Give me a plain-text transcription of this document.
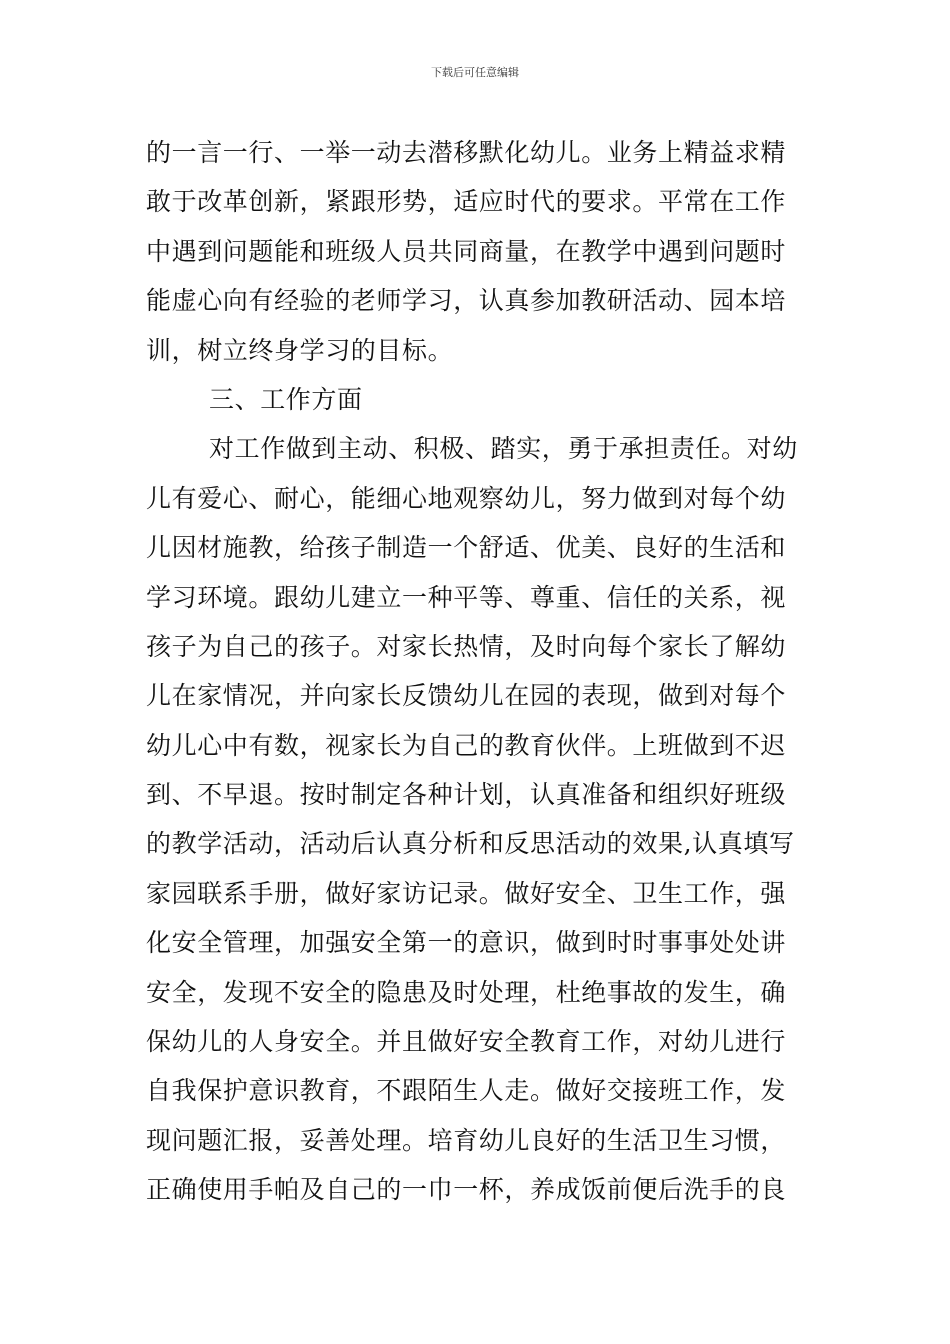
下载后可任意编辑
的一言一行、一举一动去潜移默化幼儿。业务上精益求精
敢于改革创新，紧跟形势，适应时代的要求。平常在工作
中遇到问题能和班级人员共同商量，在教学中遇到问题时
能虚心向有经验的老师学习，认真参加教研活动、园本培
训，树立终身学习的目标。
三、工作方面
对工作做到主动、积极、踏实，勇于承担责任。对幼
儿有爱心、耐心，能细心地观察幼儿，努力做到对每个幼
儿因材施教，给孩子制造一个舒适、优美、良好的生活和
学习环境。跟幼儿建立一种平等、尊重、信任的关系，视
孩子为自己的孩子。对家长热情，及时向每个家长了解幼
儿在家情况，并向家长反馈幼儿在园的表现，做到对每个
幼儿心中有数，视家长为自己的教育伙伴。上班做到不迟
到、不早退。按时制定各种计划，认真准备和组织好班级
的教学活动，活动后认真分析和反思活动的效果,认真填写
家园联系手册，做好家访记录。做好安全、卫生工作，强
化安全管理，加强安全第一的意识，做到时时事事处处讲
安全，发现不安全的隐患及时处理，杜绝事故的发生，确
保幼儿的人身安全。并且做好安全教育工作，对幼儿进行
自我保护意识教育，不跟陌生人走。做好交接班工作，发
现问题汇报，妥善处理。培育幼儿良好的生活卫生习惯，
正确使用手帕及自己的一巾一杯，养成饭前便后洗手的良
